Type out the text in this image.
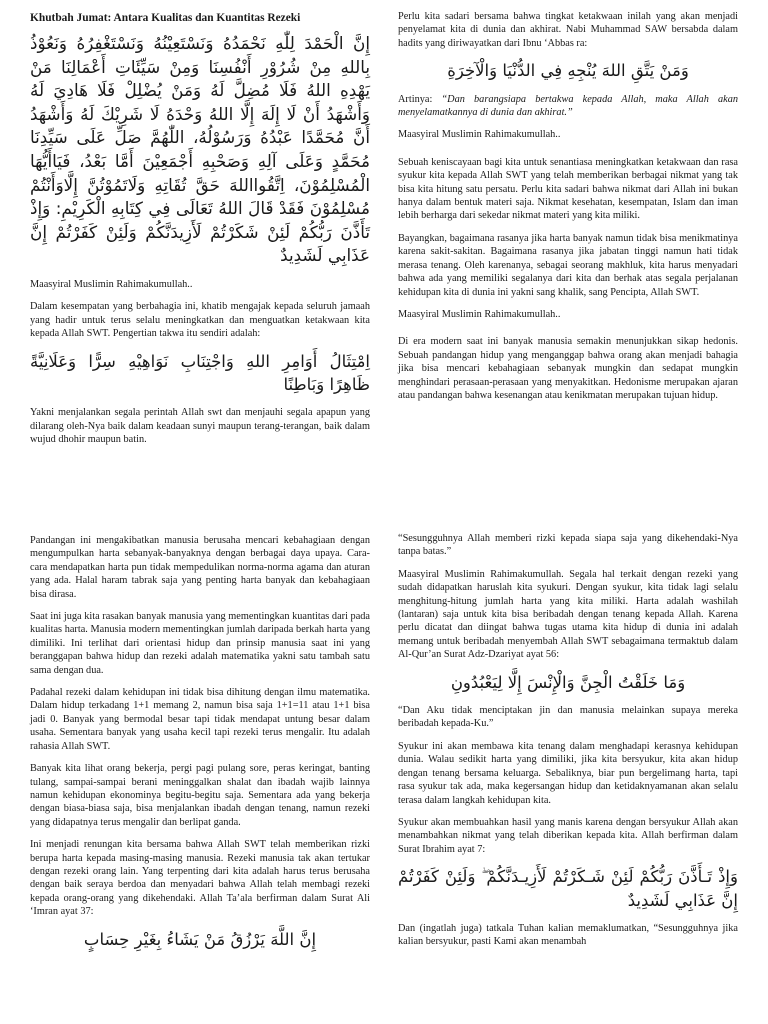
Khutbah Jumat: Antara Kualitas dan Kuantitas Rezeki
إِنَّ الْحَمْدَ لِلّٰهِ نَحْمَدُهُ وَنَسْتَعِيْنُهُ وَنَسْتَغْفِرُهُ وَنَعُوْذُ بِاللهِ مِنْ شُرُوْرِ أَنْفُسِنَا وَمِنْ سَيِّئَاتِ أَعْمَالِنَا مَنْ يَهْدِهِ اللهُ فَلَا مُضِلَّ لَهُ وَمَنْ يُضْلِلْ فَلَا هَادِيَ لَهُ وَأَشْهَدُ أَنْ لَا إِلَهَ إِلَّا اللهُ وَحْدَهُ لَا شَرِيْكَ لَهُ وَأَشْهَدُ أَنَّ مُحَمَّدًا عَبْدُهُ وَرَسُوْلُهُ، اللّٰهُمَّ صَلِّ عَلَى سَيِّدِنَا مُحَمَّدٍ وَعَلَى آلِهِ وَصَحْبِهِ أَجْمَعِيْنَ أَمَّا بَعْدُ، فَيَاأَيُّهَا الْمُسْلِمُوْنَ، اِتَّقُوااللهَ حَقَّ تُقَاتِهِ وَلَاتَمُوْتُنَّ إِلَّاوَأَنْتُمْ مُسْلِمُوْنَ فَقَدْ قَالَ اللهُ تَعَالَى فِي كِتَابِهِ الْكَرِيْمِ: وَإِذْ تَأَذَّنَ رَبُّكُمْ لَئِنْ شَكَرْتُمْ لَأَزِيدَنَّكُمْ وَلَئِنْ كَفَرْتُمْ إِنَّ عَذَابِي لَشَدِيدٌ
Maasyiral Muslimin Rahimakumullah..

Dalam kesempatan yang berbahagia ini, khatib mengajak kepada seluruh jamaah yang hadir untuk terus selalu meningkatkan dan menguatkan ketakwaan kita kepada Allah SWT. Pengertian takwa itu sendiri adalah:

اِمْتِثَالُ أَوَامِرِ اللهِ وَاجْتِنَابِ نَوَاهِيْهِ سِرًّا وَعَلَانِيَّةً ظَاهِرًا وَبَاطِنًا

Yakni menjalankan segala perintah Allah swt dan menjauhi segala apapun yang dilarang oleh-Nya baik dalam keadaan sunyi maupun terang-terangan, baik dalam wujud dhohir maupun batin.

Perlu kita sadari bersama bahwa tingkat ketakwaan inilah yang akan menjadi penyelamat kita di dunia dan akhirat. Nabi Muhammad SAW bersabda dalam hadits yang diriwayatkan dari Ibnu ‘Abbas ra:

وَمَنْ يَتَّقِ اللهَ يُنْجِهِ فِي الدُّنْيَا وَالْآخِرَةِ

Artinya: “Dan barangsiapa bertakwa kepada Allah, maka Allah akan menyelamatkannya di dunia dan akhirat.”

Maasyiral Muslimin Rahimakumullah..

Sebuah keniscayaan bagi kita untuk senantiasa meningkatkan ketakwaan dan rasa syukur kita kepada Allah SWT yang telah memberikan berbagai nikmat yang tak bisa kita hitung satu persatu. Perlu kita sadari bahwa nikmat dari Allah ini bukan hanya dalam bentuk materi saja. Nikmat kesehatan, kesempatan, Islam dan iman lebih berharga dari sekedar nikmat materi yang kita miliki.

Bayangkan, bagaimana rasanya jika harta banyak namun tidak bisa menikmatinya karena sakit-sakitan. Bagaimana rasanya jika jabatan tinggi namun hati tidak merasa tenang. Oleh karenanya, sebagai seorang makhluk, kita harus menyadari bahwa ada yang memiliki segalanya dari kita dan berhak atas segala perjalanan kehidupan kita di dunia ini yakni sang khalik, sang Pencipta, Allah SWT.

Maasyiral Muslimin Rahimakumullah..

Di era modern saat ini banyak manusia semakin menunjukkan sikap hedonis. Sebuah pandangan hidup yang menganggap bahwa orang akan menjadi bahagia jika bisa mencari kebahagiaan sebanyak mungkin dan sedapat mungkin menghindari perasaan-perasaan yang menyakitkan. Hedonisme merupakan ajaran atau pandangan bahwa kesenangan atau kenikmatan merupakan tujuan hidup.

Pandangan ini mengakibatkan manusia berusaha mencari kebahagiaan dengan mengumpulkan harta sebanyak-banyaknya dengan berbagai daya upaya. Cara-cara mendapatkan harta pun tidak mempedulikan norma-norma agama dan aturan yang ada. Halal haram tabrak saja yang penting harta banyak dan kebahagiaan bisa dirasa.

Saat ini juga kita rasakan banyak manusia yang mementingkan kuantitas dari pada kualitas harta. Manusia modern mementingkan jumlah daripada berkah harta yang dimiliki. Ini terlihat dari orientasi hidup dan prinsip manusia saat ini yang beranggapan bahwa hidup dan rezeki adalah matematika yakni satu tambah satu sama dengan dua.

Padahal rezeki dalam kehidupan ini tidak bisa dihitung dengan ilmu matematika. Dalam hidup terkadang 1+1 memang 2, namun bisa saja 1+1=11 atau 1+1 bisa jadi 0. Banyak yang bermodal besar tapi tidak mendapat untung besar dalam usaha. Sementara banyak yang usaha kecil tapi rezeki terus mengalir. Itu adalah rahasia Allah SWT.

Banyak kita lihat orang bekerja, pergi pagi pulang sore, peras keringat, banting tulang, sampai-sampai berani meninggalkan shalat dan ibadah wajib lainnya namun kehidupan ekonominya begitu-begitu saja. Sementara ada yang bekerja dengan biasa-biasa saja, bisa menjalankan ibadah dengan tenang, namun rezeki yang didapatnya terus mengalir dan berlipat ganda.

Ini menjadi renungan kita bersama bahwa Allah SWT telah memberikan rizki berupa harta kepada masing-masing manusia. Rezeki manusia tak akan tertukar dengan rezeki orang lain. Yang terpenting dari kita adalah harus terus berusaha dengan baik seraya berdoa dan menyadari bahwa Allah telah membagi rezeki kepada orang-orang yang dikehendaki. Allah Ta’ala berfirman dalam Surat Ali ‘Imran ayat 37:

إِنَّ اللَّهَ يَرْزُقُ مَنْ يَشَاءُ بِغَيْرِ حِسَابٍ

“Sesungguhnya Allah memberi rizki kepada siapa saja yang dikehendaki-Nya tanpa batas.”

Maasyiral Muslimin Rahimakumullah. Segala hal terkait dengan rezeki yang sudah didapatkan haruslah kita syukuri. Dengan syukur, kita tidak lagi selalu menghitung-hitung jumlah harta yang kita miliki. Harta adalah washilah (lantaran) saja untuk kita bisa beribadah dengan tenang kepada Allah. Karena perlu dicatat dan diingat bahwa tugas utama kita hidup di dunia ini adalah memang untuk beribadah menyembah Allah SWT sebagaimana termaktub dalam Al-Qur’an Surat Adz-Dzariyat ayat 56:

وَمَا خَلَقْتُ الْجِنَّ وَالْإِنْسَ إِلَّا لِيَعْبُدُونِ

“Dan Aku tidak menciptakan jin dan manusia melainkan supaya mereka beribadah kepada-Ku.”

Syukur ini akan membawa kita tenang dalam menghadapi kerasnya kehidupan dunia. Walau sedikit harta yang dimiliki, jika kita bersyukur, kita akan hidup dengan tenang bersama keluarga. Sebaliknya, biar pun bergelimang harta, tapi rasa syukur tak ada, maka kegersangan hidup dan ketidaknyamanan akan selalu terasa dalam langkah kehidupan kita.

Syukur akan membuahkan hasil yang manis karena dengan bersyukur Allah akan menambahkan nikmat yang telah diberikan kepada kita. Allah berfirman dalam Surat Ibrahim ayat 7:

وَإِذْ تَـأَذَّنَ رَبُّكُمْ لَئِنْ شَـكَرْتُمْ لَأَزِيـدَنَّكُمْ ۖ وَلَئِنْ كَفَرْتُمْ إِنَّ عَذَابِي لَشَدِيدٌ

Dan (ingatlah juga) tatkala Tuhan kalian memaklumatkan, “Sesungguhnya jika kalian bersyukur, pasti Kami akan menambah
